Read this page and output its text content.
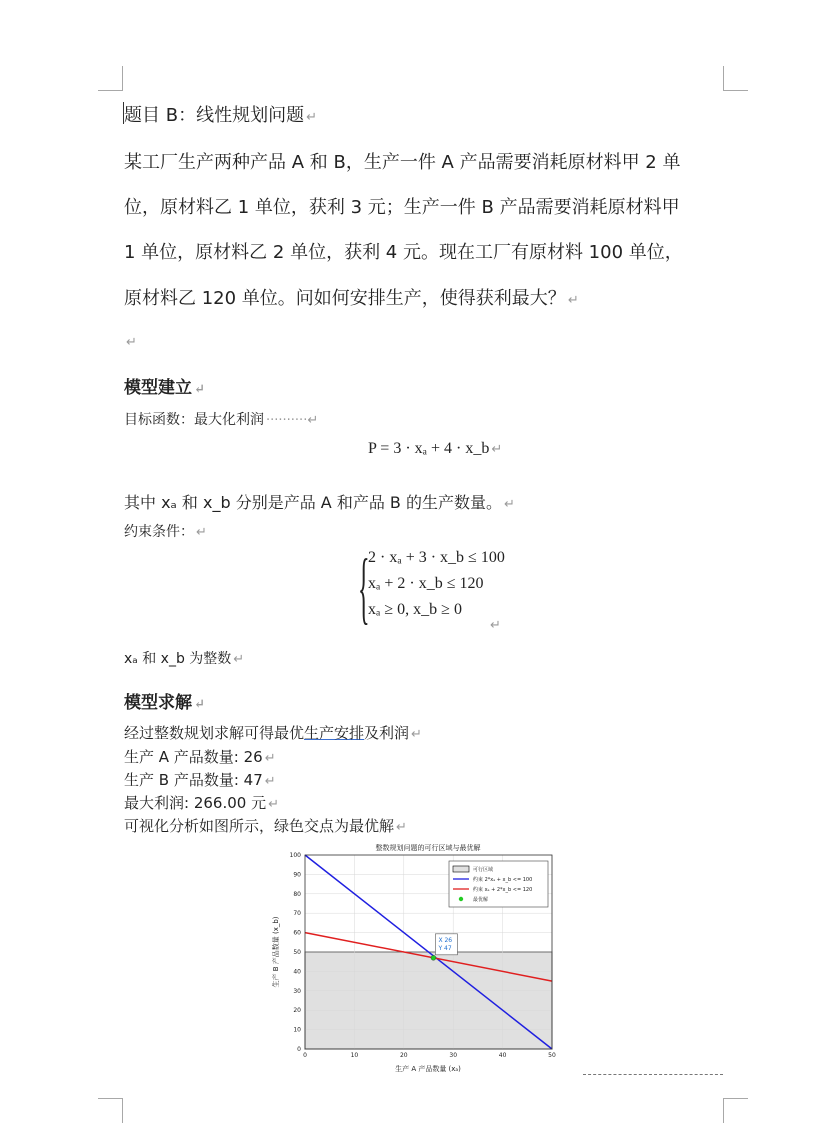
题目 B：线性规划问题 ↵
某工厂生产两种产品 A 和 B，生产一件 A 产品需要消耗原材料甲 2 单
位，原材料乙 1 单位，获利 3 元；生产一件 B 产品需要消耗原材料甲
1 单位，原材料乙 2 单位，获利 4 元。现在工厂有原材料 100 单位，
原材料乙 120 单位。问如何安排生产，使得获利最大？ ↵
↵
模型建立 ↵
目标函数：最大化利润 ··········↵
P = 3 · xₐ + 4 · x_b ↵
其中 xₐ 和 x_b 分别是产品 A 和产品 B 的生产数量。 ↵
约束条件： ↵
{
2 · xₐ + 3 · x_b ≤ 100
xₐ + 2 · x_b ≤ 120
xₐ ≥ 0, x_b ≥ 0
↵
xₐ 和 x_b 为整数 ↵
模型求解 ↵
经过整数规划求解可得最优生产安排及利润 ↵
生产 A 产品数量: 26 ↵
生产 B 产品数量: 47 ↵
最大利润: 266.00 元 ↵
可视化分析如图所示，绿色交点为最优解 ↵
整数规划问题的可行区域与最优解
生产 A 产品数量 (xₐ)
生产 B 产品数量 (x_b)
0	10	20	30	40	50
0
10
20
30
40
50
60
70
80
90
100
X 26
Y 47
可行区域
约束 2*xₐ + x_b <= 100
约束 xₐ + 2*x_b <= 120
最优解
